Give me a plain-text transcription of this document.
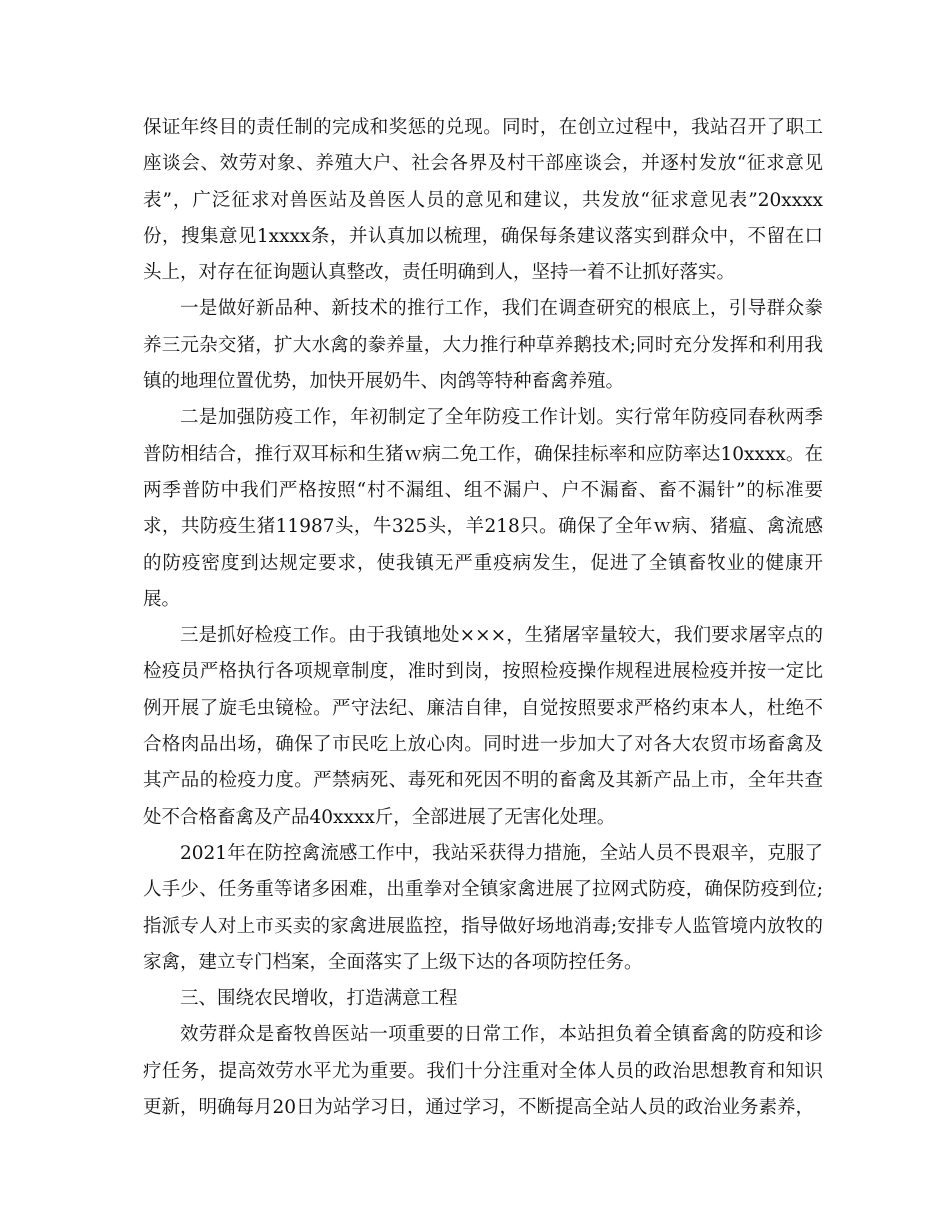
保证年终目的责任制的完成和奖惩的兑现。同时，在创立过程中，我站召开了职工座谈会、效劳对象、养殖大户、社会各界及村干部座谈会，并逐村发放“征求意见表”，广泛征求对兽医站及兽医人员的意见和建议，共发放“征求意见表”20xxxx份，搜集意见1xxxx条，并认真加以梳理，确保每条建议落实到群众中，不留在口头上，对存在征询题认真整改，责任明确到人，坚持一着不让抓好落实。

一是做好新品种、新技术的推行工作，我们在调查研究的根底上，引导群众豢养三元杂交猪，扩大水禽的豢养量，大力推行种草养鹅技术;同时充分发挥和利用我镇的地理位置优势，加快开展奶牛、肉鸽等特种畜禽养殖。

二是加强防疫工作，年初制定了全年防疫工作计划。实行常年防疫同春秋两季普防相结合，推行双耳标和生猪ｗ病二免工作，确保挂标率和应防率达10xxxx。在两季普防中我们严格按照“村不漏组、组不漏户、户不漏畜、畜不漏针”的标准要求，共防疫生猪11987头，牛325头，羊218只。确保了全年ｗ病、猪瘟、禽流感的防疫密度到达规定要求，使我镇无严重疫病发生，促进了全镇畜牧业的健康开展。

三是抓好检疫工作。由于我镇地处×××，生猪屠宰量较大，我们要求屠宰点的检疫员严格执行各项规章制度，准时到岗，按照检疫操作规程进展检疫并按一定比例开展了旋毛虫镜检。严守法纪、廉洁自律，自觉按照要求严格约束本人，杜绝不合格肉品出场，确保了市民吃上放心肉。同时进一步加大了对各大农贸市场畜禽及其产品的检疫力度。严禁病死、毒死和死因不明的畜禽及其新产品上市，全年共查处不合格畜禽及产品40xxxx斤，全部进展了无害化处理。

2021年在防控禽流感工作中，我站采获得力措施，全站人员不畏艰辛，克服了人手少、任务重等诸多困难，出重拳对全镇家禽进展了拉网式防疫，确保防疫到位;指派专人对上市买卖的家禽进展监控，指导做好场地消毒;安排专人监管境内放牧的家禽，建立专门档案，全面落实了上级下达的各项防控任务。

三、围绕农民增收，打造满意工程

效劳群众是畜牧兽医站一项重要的日常工作，本站担负着全镇畜禽的防疫和诊疗任务，提高效劳水平尤为重要。我们十分注重对全体人员的政治思想教育和知识更新，明确每月20日为站学习日，通过学习，不断提高全站人员的政治业务素养，
